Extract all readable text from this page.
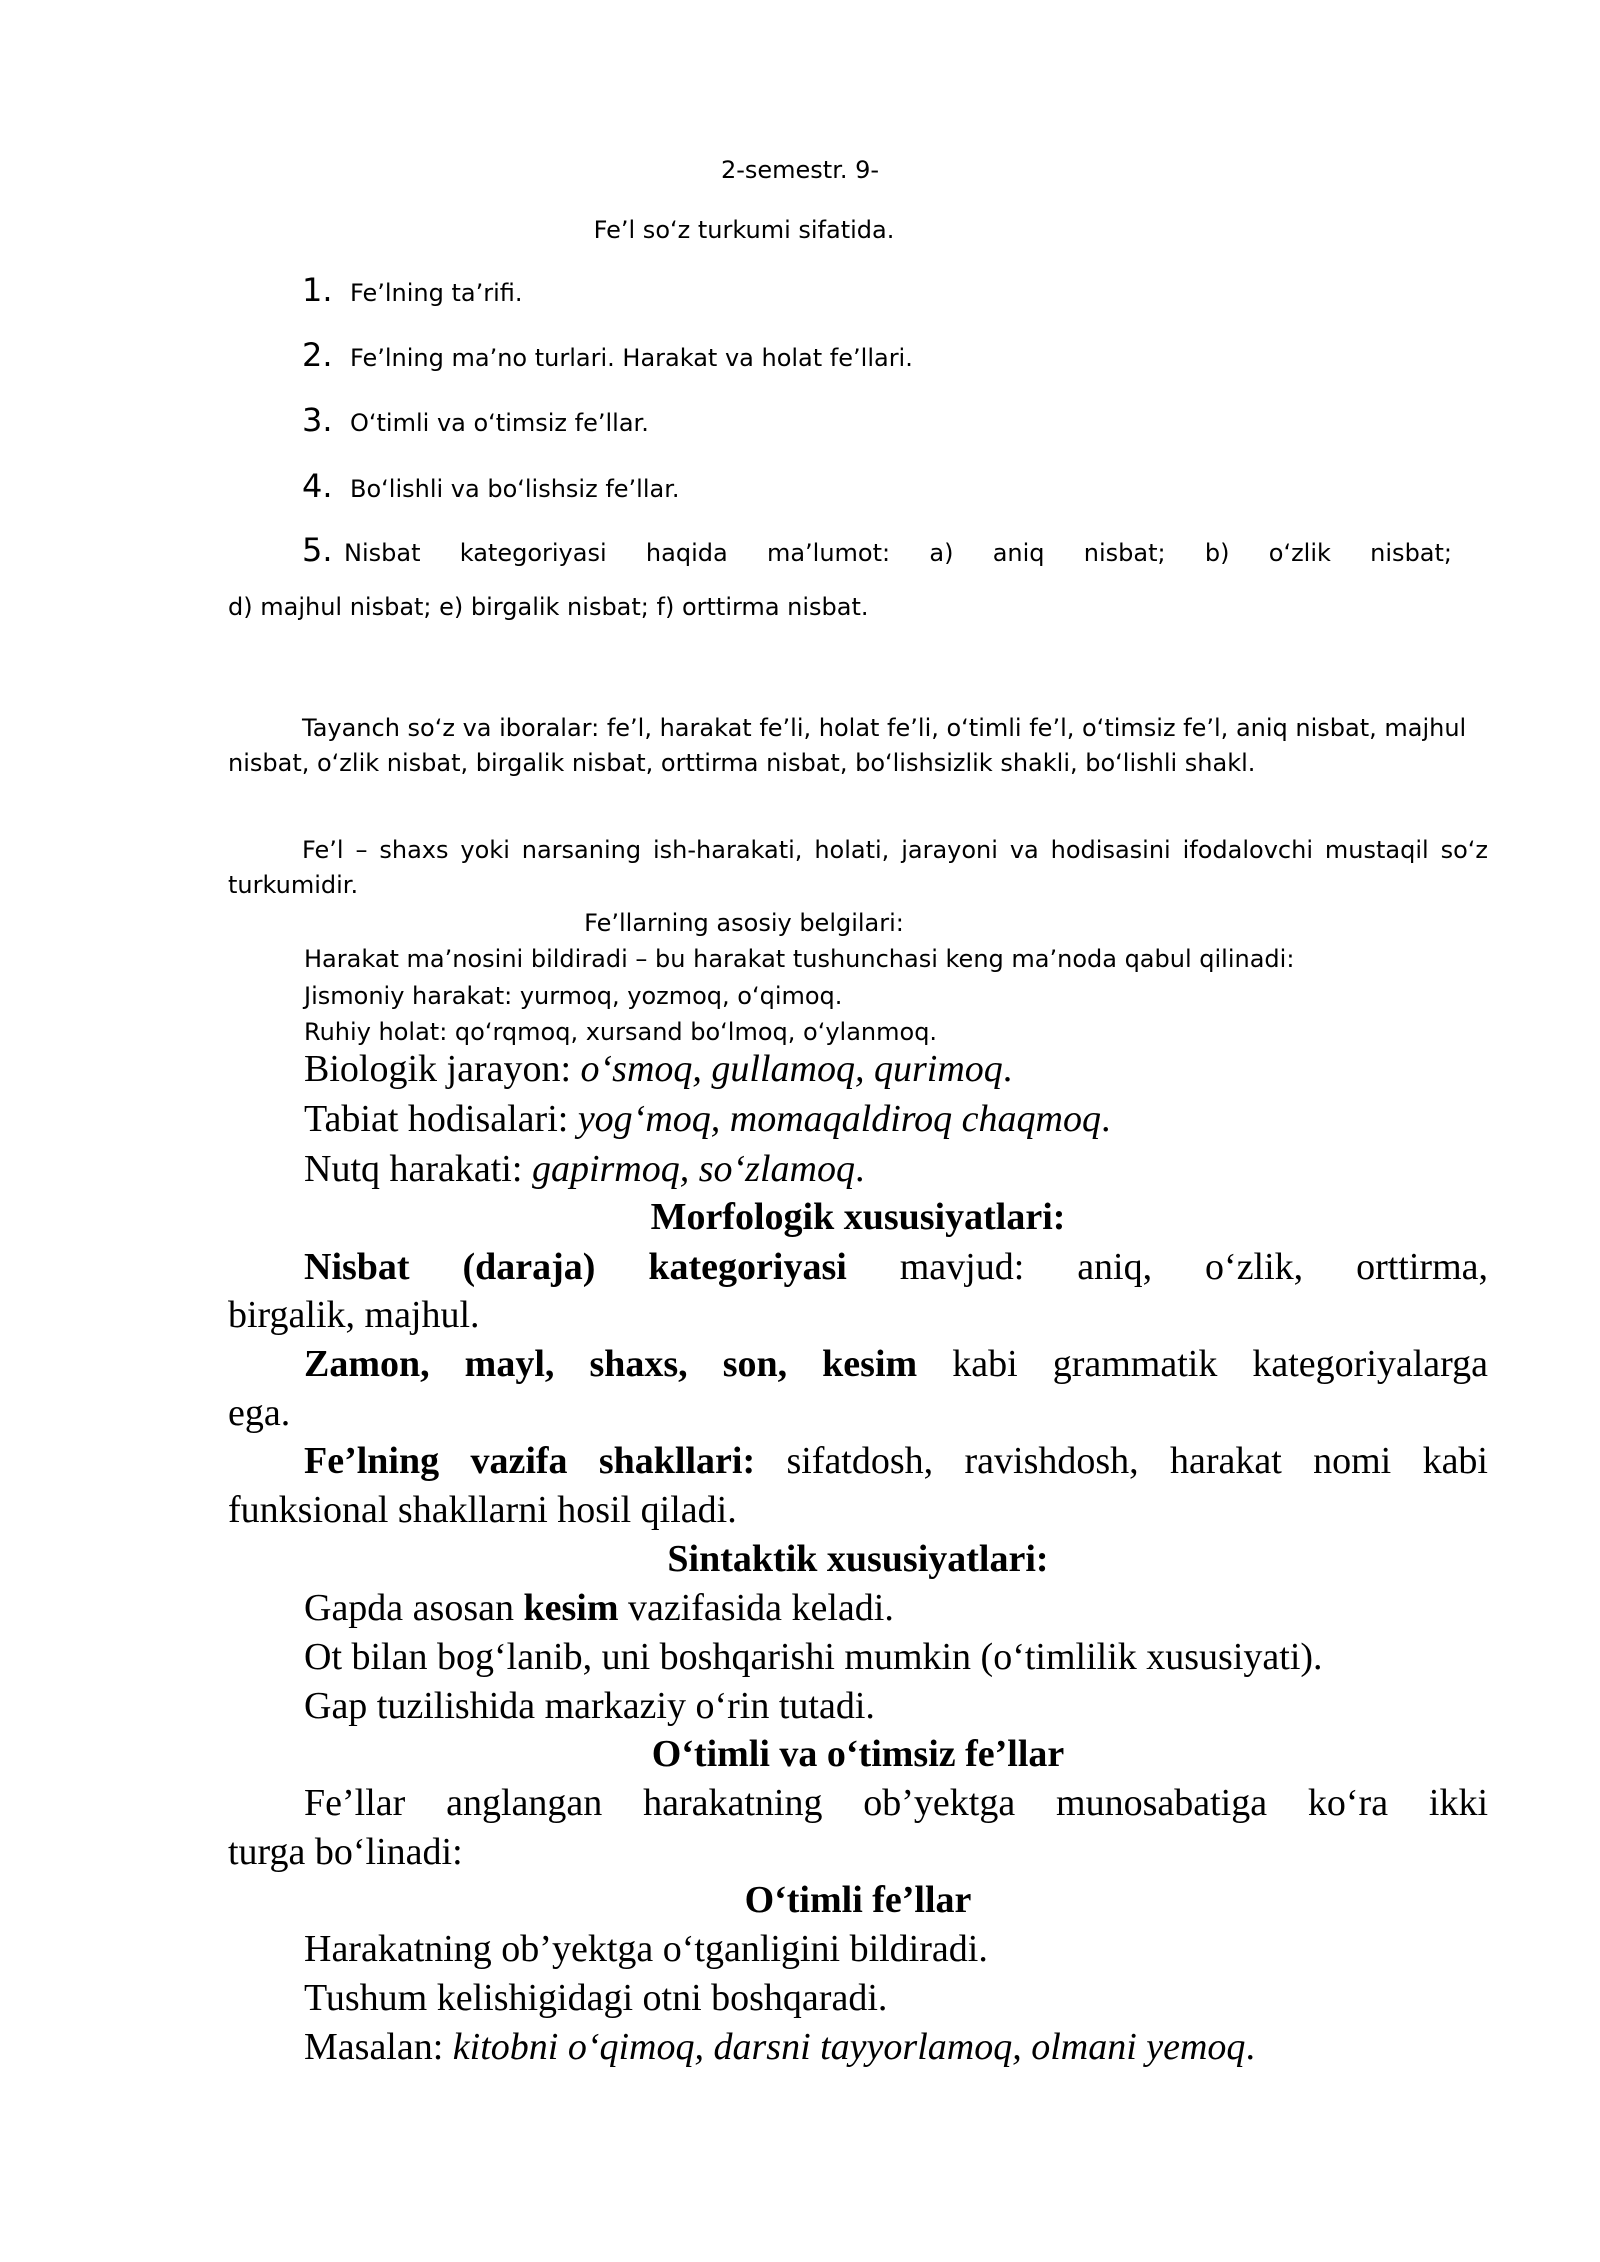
2-semestr. 9-
Fe’l so‘z turkumi sifatida.
1. Fe’lning ta’rifi.
2. Fe’lning ma’no turlari. Harakat va holat fe’llari.
3. O‘timli va o‘timsiz fe’llar.
4. Bo‘lishli va bo‘lishsiz fe’llar.
5. Nisbat kategoriyasi haqida ma’lumot: a) aniq nisbat; b) o‘zlik nisbat;
d) majhul nisbat; e) birgalik nisbat; f) orttirma nisbat.
Tayanch so‘z va iboralar: fe’l, harakat fe’li, holat fe’li, o‘timli fe’l, o‘timsiz fe’l, aniq nisbat, majhul
nisbat, o‘zlik nisbat, birgalik nisbat, orttirma nisbat, bo‘lishsizlik shakli, bo‘lishli shakl.
Fe’l – shaxs yoki narsaning ish-harakati, holati, jarayoni va hodisasini ifodalovchi mustaqil so‘z
turkumidir.
Fe’llarning asosiy belgilari:
Harakat ma’nosini bildiradi – bu harakat tushunchasi keng ma’noda qabul qilinadi:
Jismoniy harakat: yurmoq, yozmoq, o‘qimoq.
Ruhiy holat: qo‘rqmoq, xursand bo‘lmoq, o‘ylanmoq.
Biologik jarayon: o‘smoq, gullamoq, qurimoq.
Tabiat hodisalari: yog‘moq, momaqaldiroq chaqmoq.
Nutq harakati: gapirmoq, so‘zlamoq.
Morfologik xususiyatlari:
Nisbat (daraja) kategoriyasi mavjud: aniq, o‘zlik, orttirma,
birgalik, majhul.
Zamon, mayl, shaxs, son, kesim kabi grammatik kategoriyalarga
ega.
Fe’lning vazifa shakllari: sifatdosh, ravishdosh, harakat nomi kabi
funksional shakllarni hosil qiladi.
Sintaktik xususiyatlari:
Gapda asosan kesim vazifasida keladi.
Ot bilan bog‘lanib, uni boshqarishi mumkin (o‘timlilik xususiyati).
Gap tuzilishida markaziy o‘rin tutadi.
O‘timli va o‘timsiz fe’llar
Fe’llar anglangan harakatning ob’yektga munosabatiga ko‘ra ikki
turga bo‘linadi:
O‘timli fe’llar
Harakatning ob’yektga o‘tganligini bildiradi.
Tushum kelishigidagi otni boshqaradi.
Masalan: kitobni o‘qimoq, darsni tayyorlamoq, olmani yemoq.
